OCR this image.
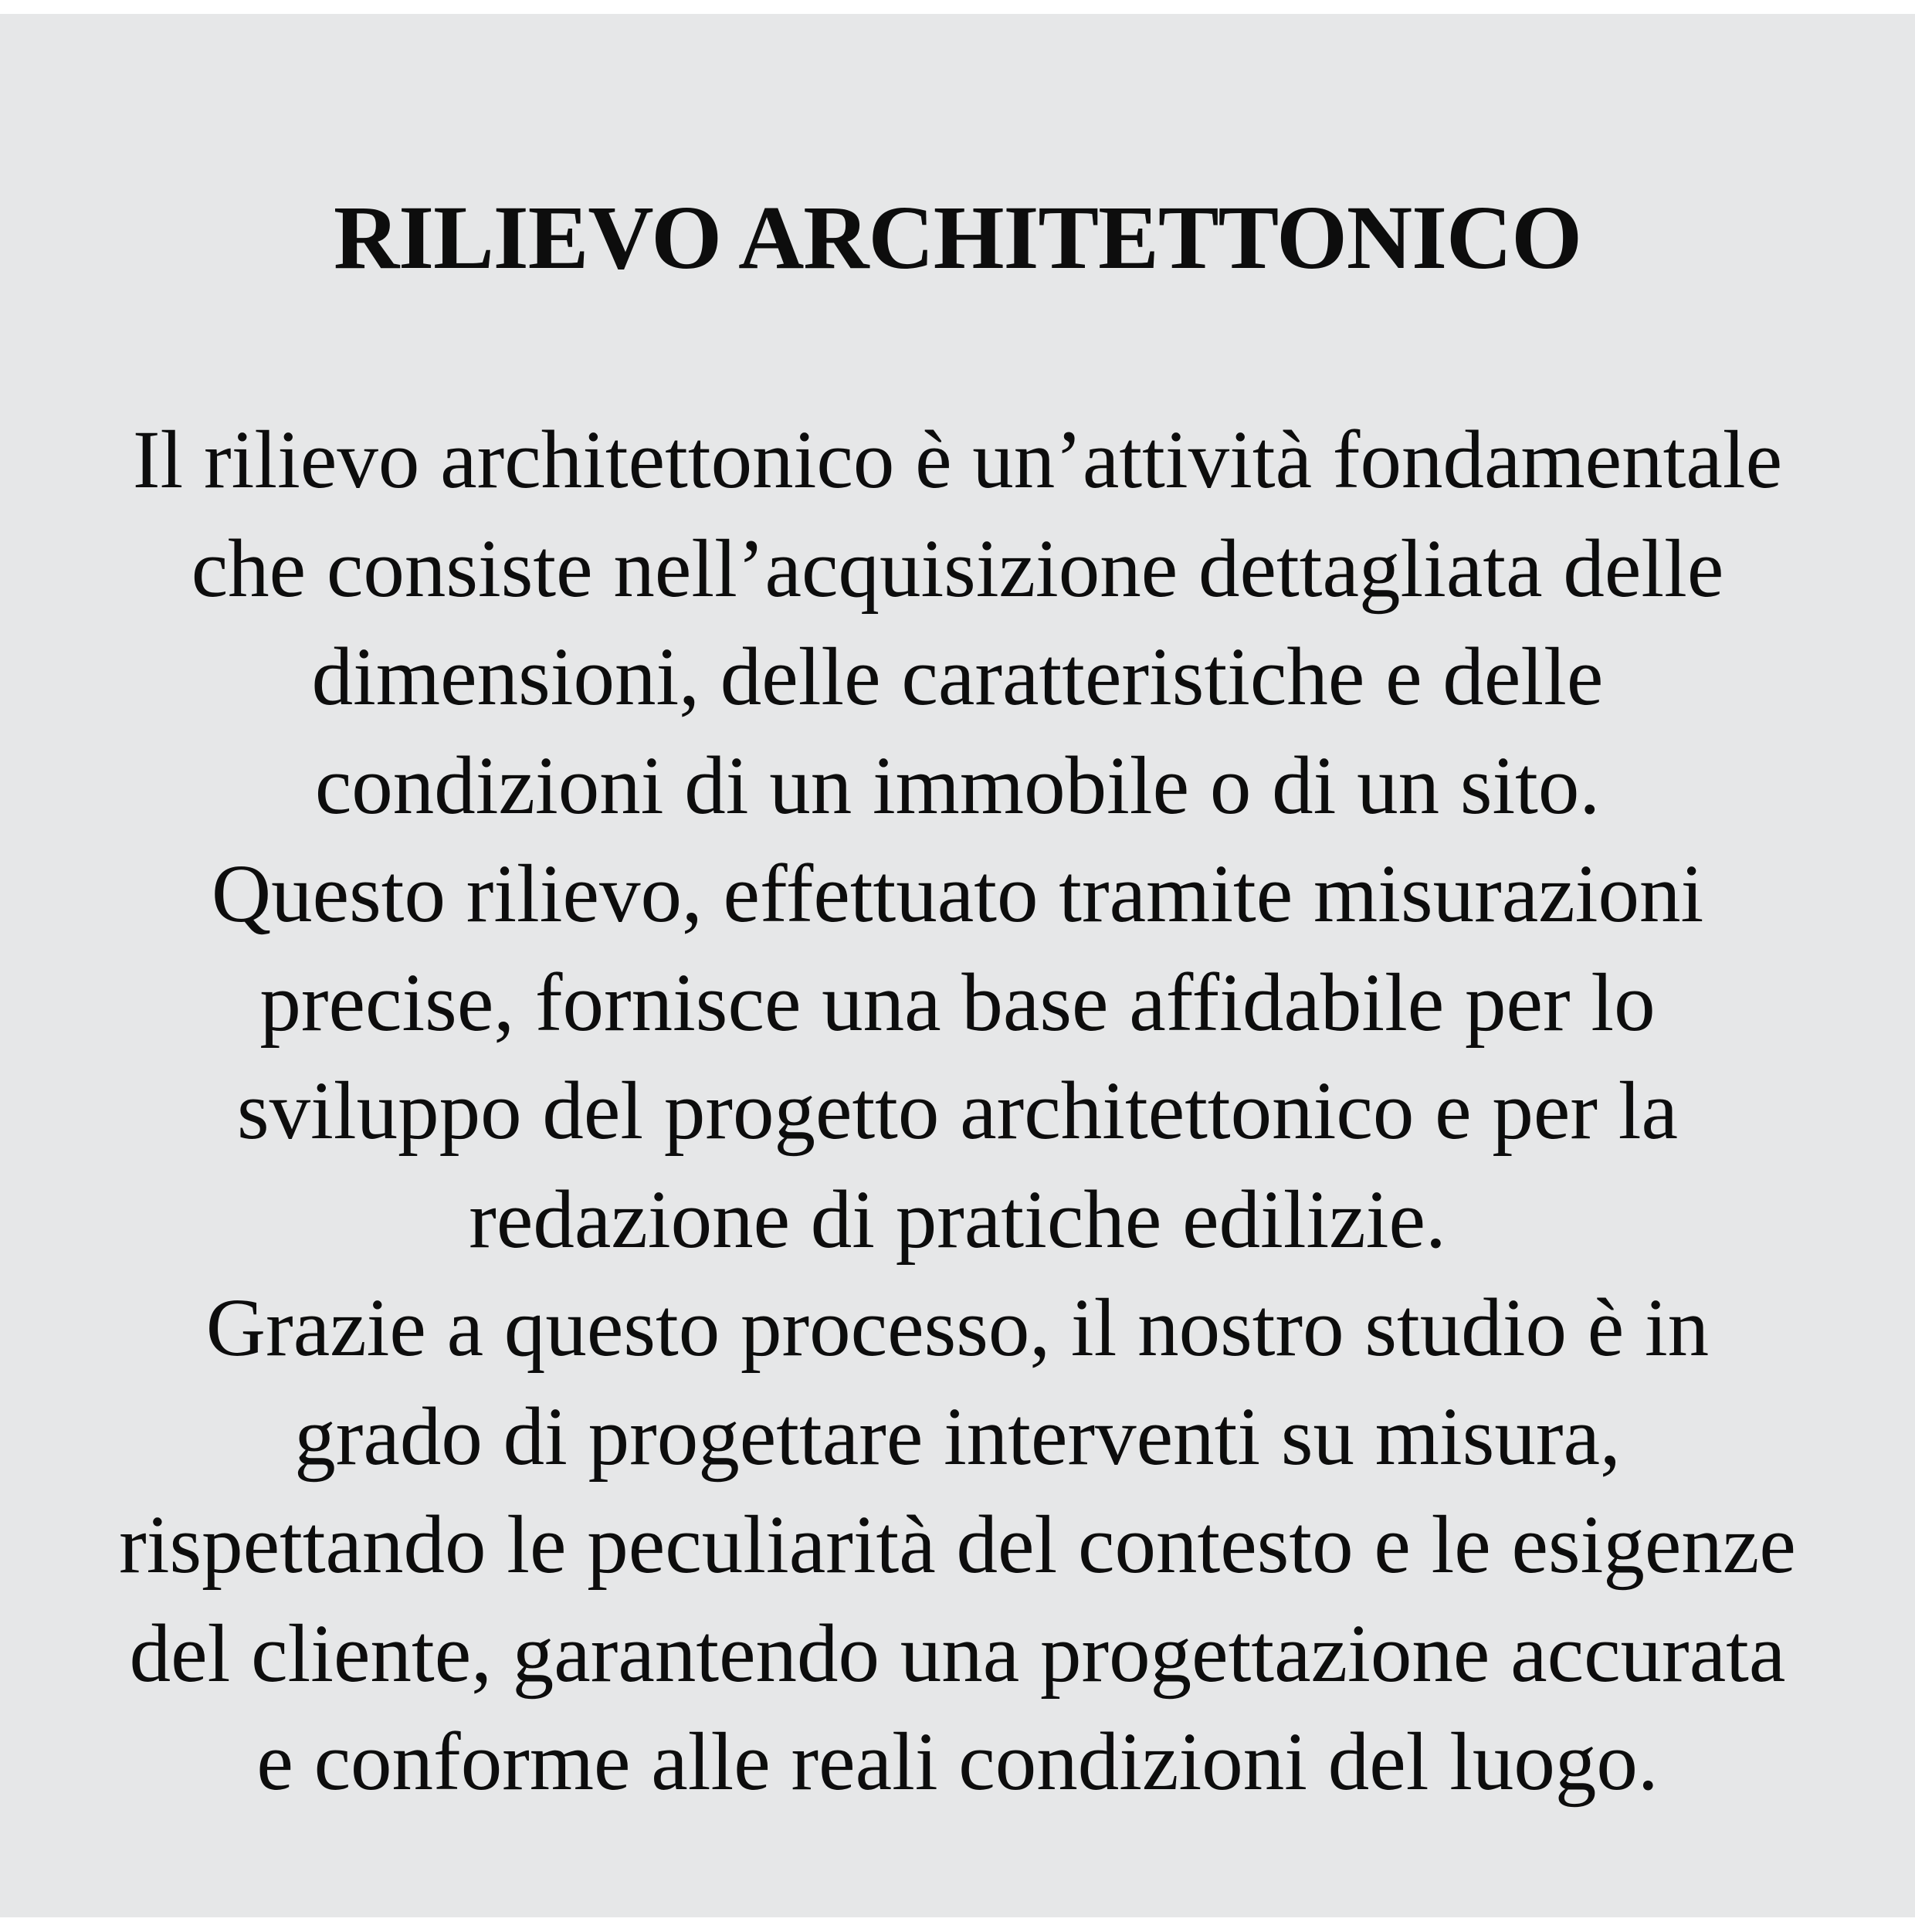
RILIEVO ARCHITETTONICO
Il rilievo architettonico è un’attività fondamentale
che consiste nell’acquisizione dettagliata delle
dimensioni, delle caratteristiche e delle
condizioni di un immobile o di un sito.
Questo rilievo, effettuato tramite misurazioni
precise, fornisce una base affidabile per lo
sviluppo del progetto architettonico e per la
redazione di pratiche edilizie.
Grazie a questo processo, il nostro studio è in
grado di progettare interventi su misura,
rispettando le peculiarità del contesto e le esigenze
del cliente, garantendo una progettazione accurata
e conforme alle reali condizioni del luogo.
